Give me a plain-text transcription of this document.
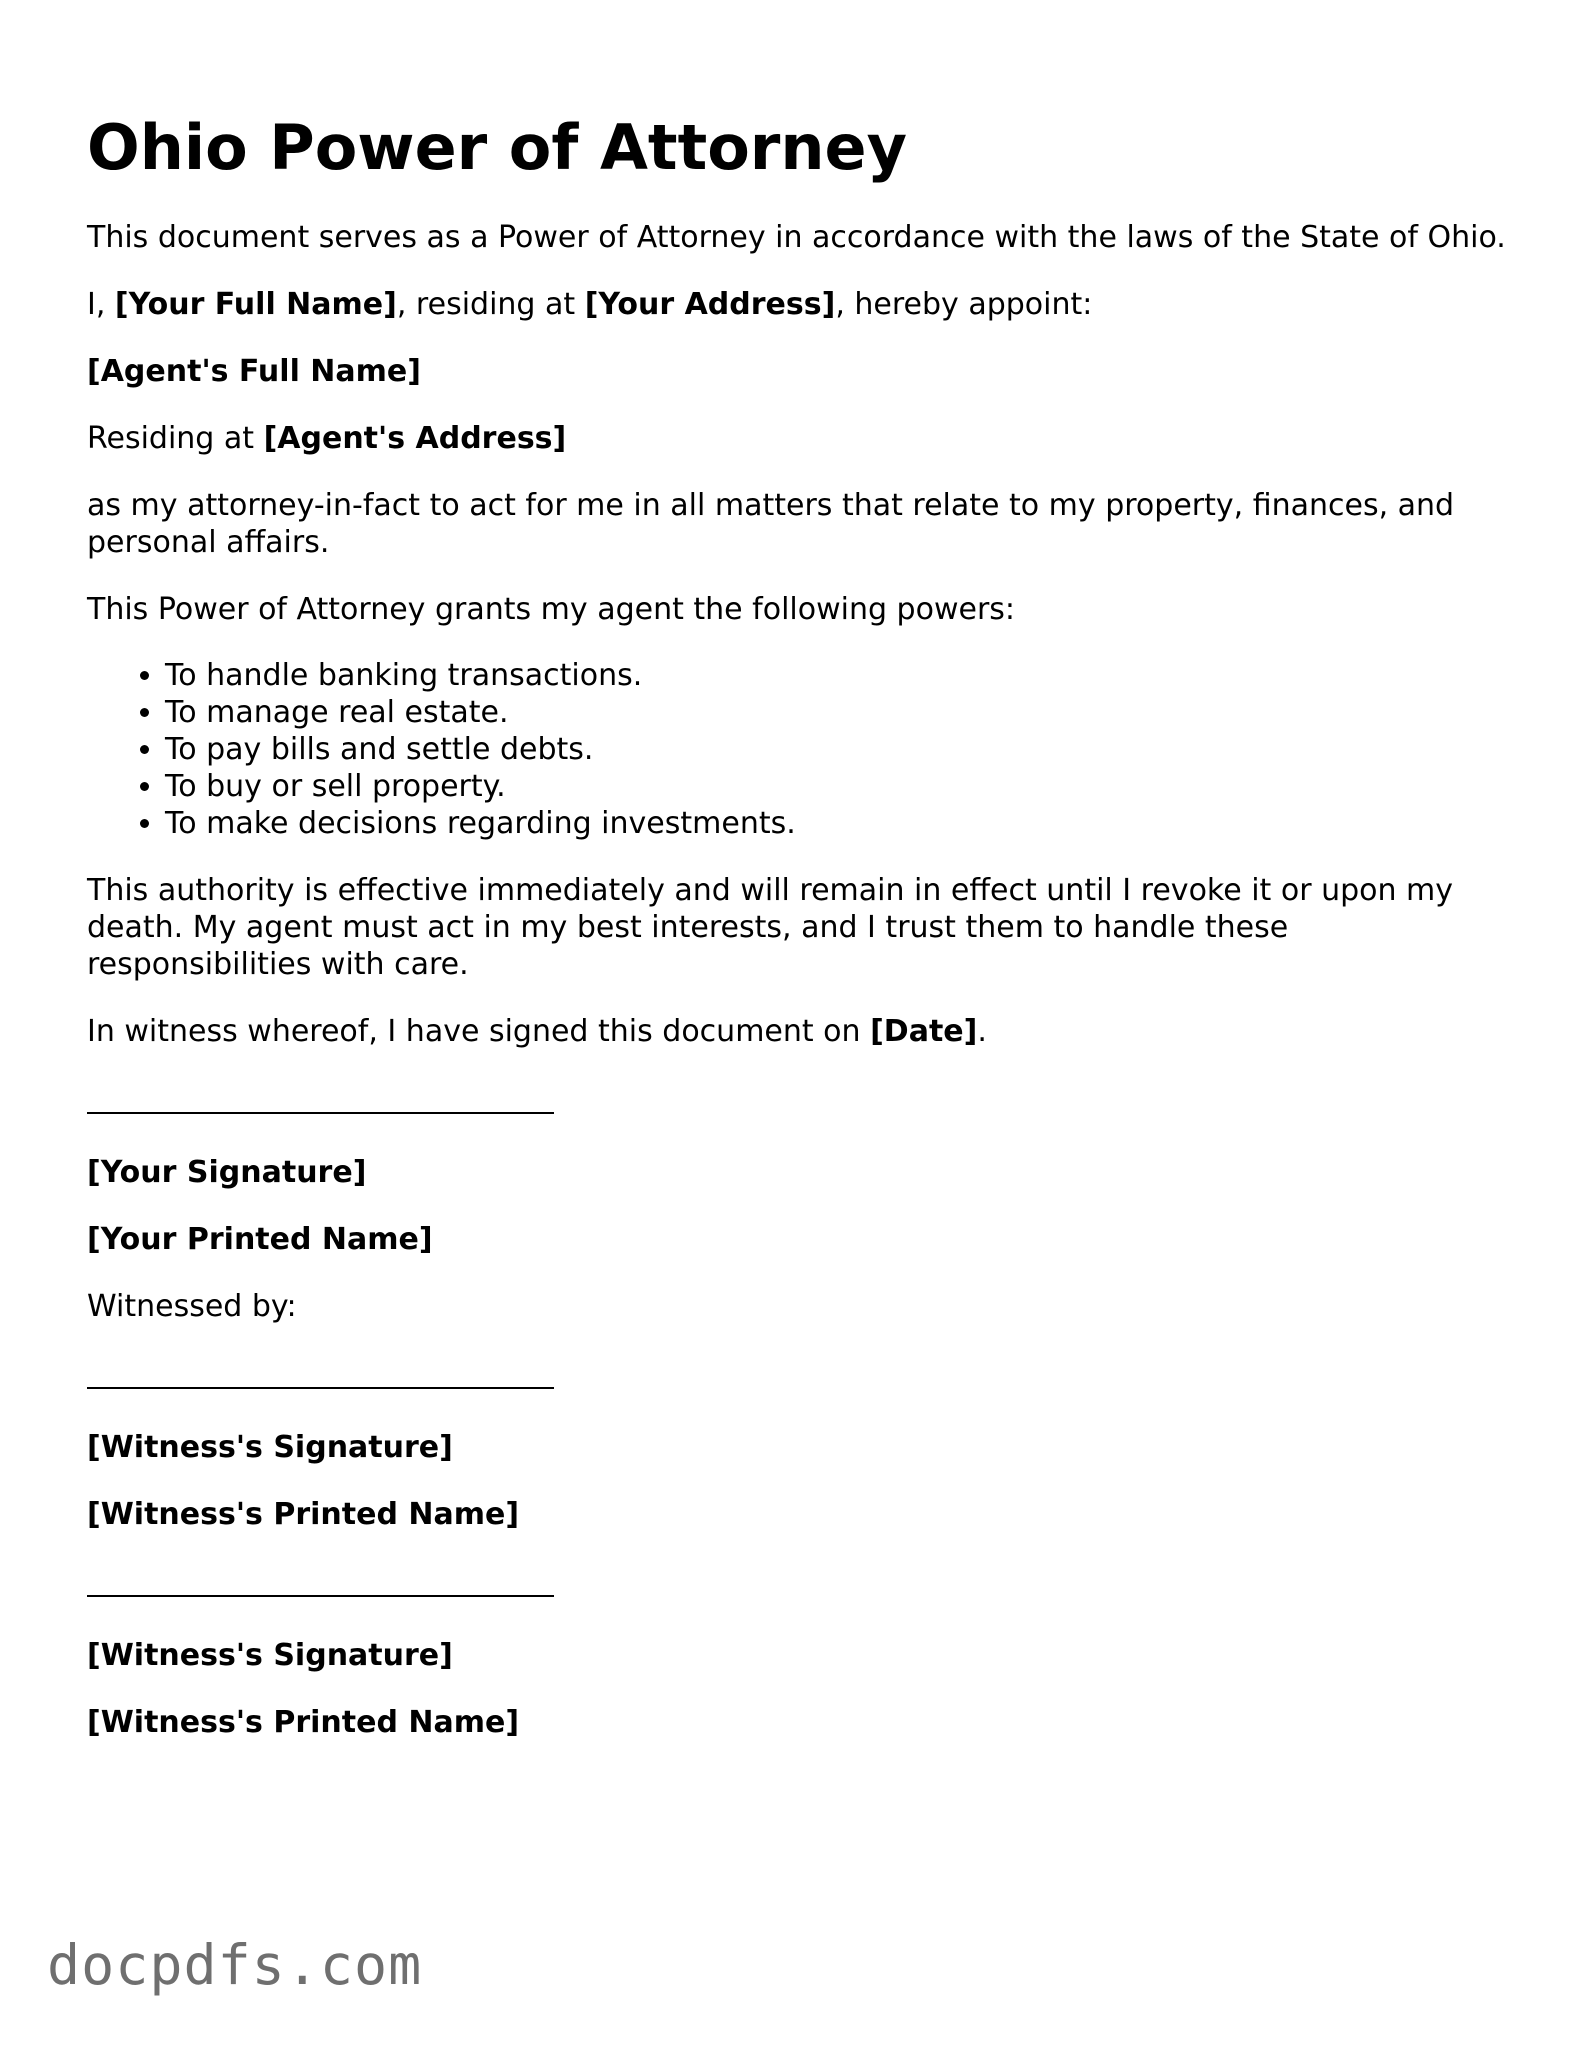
Ohio Power of Attorney

This document serves as a Power of Attorney in accordance with the laws of the State of Ohio.

I, [Your Full Name], residing at [Your Address], hereby appoint:

[Agent's Full Name]

Residing at [Agent's Address]

as my attorney-in-fact to act for me in all matters that relate to my property, finances, and personal affairs.

This Power of Attorney grants my agent the following powers:

• To handle banking transactions.
• To manage real estate.
• To pay bills and settle debts.
• To buy or sell property.
• To make decisions regarding investments.

This authority is effective immediately and will remain in effect until I revoke it or upon my death. My agent must act in my best interests, and I trust them to handle these responsibilities with care.

In witness whereof, I have signed this document on [Date].

[Your Signature]

[Your Printed Name]

Witnessed by:

[Witness's Signature]

[Witness's Printed Name]

[Witness's Signature]

[Witness's Printed Name]

docpdfs.com
